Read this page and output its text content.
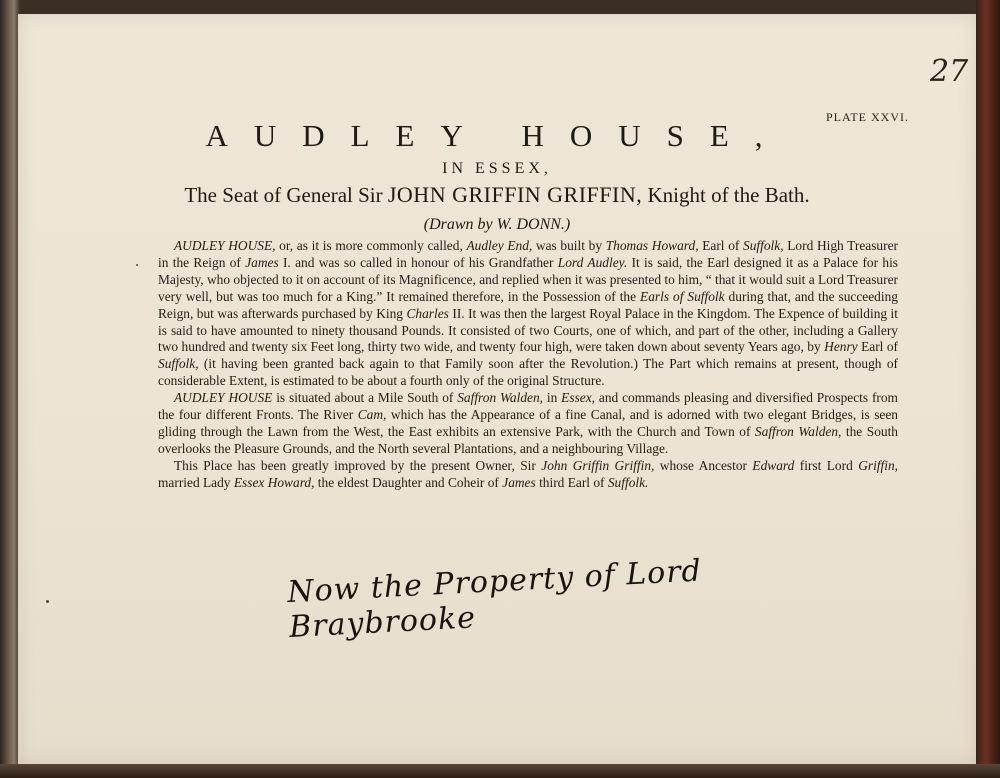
27
PLATE XXVI.
AUDLEY HOUSE,
IN ESSEX,
The Seat of General Sir JOHN GRIFFIN GRIFFIN, Knight of the Bath.
(Drawn by W. DONN.)

AUDLEY HOUSE, or, as it is more commonly called, Audley End, was built by Thomas Howard, Earl of Suffolk, Lord High Treasurer in the Reign of James I. and was so called in honour of his Grandfather Lord Audley. It is said, the Earl designed it as a Palace for his Majesty, who objected to it on account of its Magnificence, and replied when it was presented to him, “ that it would suit a Lord Treasurer very well, but was too much for a King.” It remained therefore, in the Possession of the Earls of Suffolk during that, and the succeeding Reign, but was afterwards purchased by King Charles II. It was then the largest Royal Palace in the Kingdom. The Expence of building it is said to have amounted to ninety thousand Pounds. It consisted of two Courts, one of which, and part of the other, including a Gallery two hundred and twenty six Feet long, thirty two wide, and twenty four high, were taken down about seventy Years ago, by Henry Earl of Suffolk, (it having been granted back again to that Family soon after the Revolution.) The Part which remains at present, though of considerable Extent, is estimated to be about a fourth only of the original Structure.

AUDLEY HOUSE is situated about a Mile South of Saffron Walden, in Essex, and commands pleasing and diversified Prospects from the four different Fronts. The River Cam, which has the Appearance of a fine Canal, and is adorned with two elegant Bridges, is seen gliding through the Lawn from the West, the East exhibits an extensive Park, with the Church and Town of Saffron Walden, the South overlooks the Pleasure Grounds, and the North several Plantations, and a neighbouring Village.

This Place has been greatly improved by the present Owner, Sir John Griffin Griffin, whose Ancestor Edward first Lord Griffin, married Lady Essex Howard, the eldest Daughter and Coheir of James third Earl of Suffolk.

Now the Property of Lord Braybrooke
